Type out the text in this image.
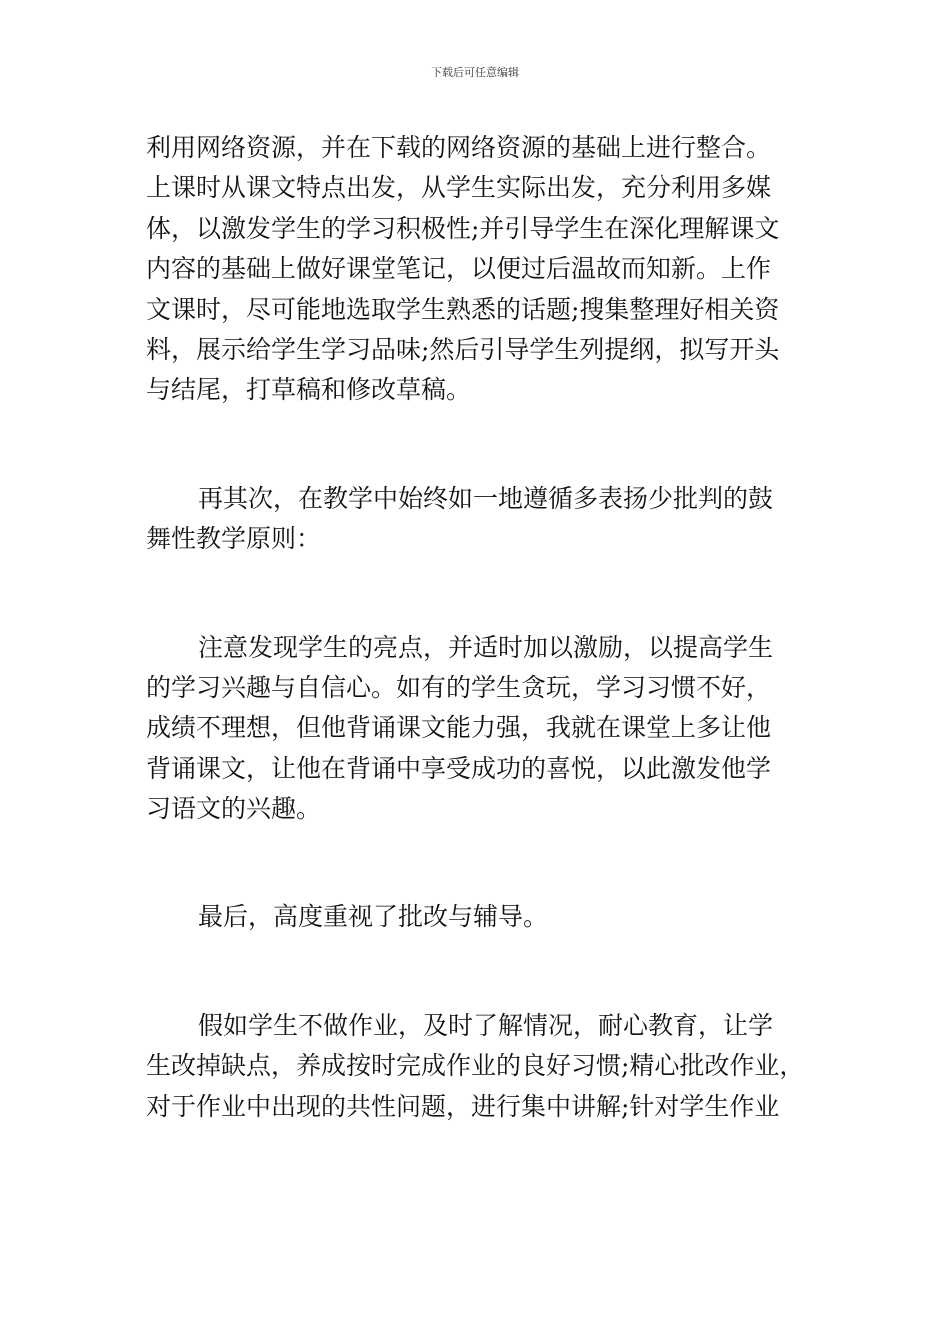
下载后可任意编辑
利用网络资源，并在下载的网络资源的基础上进行整合。
上课时从课文特点出发，从学生实际出发，充分利用多媒
体，以激发学生的学习积极性;并引导学生在深化理解课文
内容的基础上做好课堂笔记，以便过后温故而知新。上作
文课时，尽可能地选取学生熟悉的话题;搜集整理好相关资
料，展示给学生学习品味;然后引导学生列提纲，拟写开头
与结尾，打草稿和修改草稿。
再其次，在教学中始终如一地遵循多表扬少批判的鼓
舞性教学原则：
注意发现学生的亮点，并适时加以激励，以提高学生
的学习兴趣与自信心。如有的学生贪玩，学习习惯不好，
成绩不理想，但他背诵课文能力强，我就在课堂上多让他
背诵课文，让他在背诵中享受成功的喜悦，以此激发他学
习语文的兴趣。
最后，高度重视了批改与辅导。
假如学生不做作业，及时了解情况，耐心教育，让学
生改掉缺点，养成按时完成作业的良好习惯;精心批改作业，
对于作业中出现的共性问题，进行集中讲解;针对学生作业
